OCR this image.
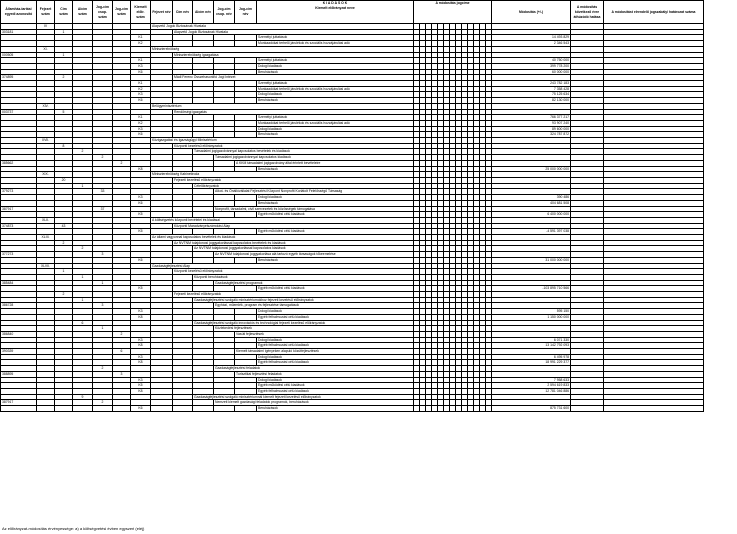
Államház-tartási egyedi azonosító	Fejezet szám	Cím szám	Alcím szám	Jog-cím csop. szám	Jog-cím szám	Kiemelt előir. szám	Fejezet név	Cím név	Alcím név	Jog-cím csop. név	Jog-cím név	K I A D Á S O K	A módosítás jogcíme													Módosítás (+/-)	A módosítás következő évre áthúzódó hatása	A módosítást elrendelő jogszabály/ határozat száma
												Kiemelt előirányzat neve																
	IV						Alapvető Jogok Biztosának Hivatala																					
303181		1						Alapvető Jogok Biztosának Hivatala																				
						K1						Személyi juttatások														14 493 829		
						K2						Munkaadókat terhelő járulékok és szociális hozzájárulási adó														2 346 543		
	XI.						Miniszterelnökség																					
000505		1						Miniszterelnökség igazgatása																				
						K1						Személyi juttatások														40 750 000		
						K3						Dologi kiadások														399 778 200		
						K6						Beruházások														60 000 000		
374895		2						Mádl Ferenc Összehasonlító Jogi Intézet																				
						K1						Személyi juttatások														243 782 183		
						K2						Munkaadókat terhelő járulékok és szociális hozzájárulási adó														7 358 428		
						K3						Dologi kiadások														75 125 634		
						K6						Beruházások														82 130 000		
	XIV.						Belügyminisztérium																					
003737		5						Rendőrségi igazgatás																				
						K1						Személyi juttatások														766 377 217		
						K2						Munkaadókat terhelő járulékok és szociális hozzájárulási adó														93 907 240		
						K3						Dologi kiadások														89 600 000		
						K6						Beruházások														324 787 872		
	XVII.						Közigazgatási és Igazságügyi Minisztérium																					
		8						Központi kezelésű előirányzatok																				
			2						Társadalmi jogigazolvánnyal kapcsolatos bevételek és kiadások																			
				2						Társadalmi jogigazolvánnyal kapcsolatos kiadások																		
385662					2						A KKM társadalmi jogigazolvány által érintett bevételeire																	
						K8						Beruházások														25 000 000 000		
	XIX.						Miniszterelnökség Kabinetiroda																					
		20						Fejezeti kezelésű előirányzatok																				
			1						Célelőirányzatok																			
379273				33						Alkot- és Önállóvállalat Fejlesztési Központ Nonprofit Korlátolt Felelősségű Társaság																		
						K3						Dologi kiadások														390 486		
						K6						Beruházások														404 681 508		
387917				37						Nonprofit, társadalmi, civil szervezetek és közösségek támogatása																		
						K5						Egyéb működési célú kiadások														6 400 000 000		
	XLII.						A költségvetés központi bevételei és kiadásai																					
374873		43						Központi Maradványelszámolási Alap																				
						K5						Egyéb működési célú kiadások														-4 591 397 038		
	XLIII.						Az állami vagyonnal kapcsolatos bevételek és kiadások																					
		2						Az NVTNM tulajdonosi joggyakorlással kapcsolatos bevételek és kiadások																				
			2						Az NVTNM tulajdonosi joggyakorlással kapcsolatos kiadások																			
377273				3						Az NVTNM tulajdonosi joggyakorlása alá tartozó egyéb társaságok tőkeemelése																		
						K6						Beruházások														31 000 000 000		
	XLVII.						Gazdaságfejlesztési Alap																					
		1						Központi kezelésű előirányzatok																				
			1						Központi beruházások																			
385484				1						Gazdaságfejlesztési programok																		
						K5						Egyéb működési célú kiadások														-103 895 710 566		
		2						Fejezeti kezelésű előirányzatok																				
			1						Gazdaságfejlesztési szolgáló minisztériumokhoz fejezeti kezelésű előirányzatok																			
386728				3						Egyházi, műemlék, program és fejlesztése támogatások																		
						K3						Dologi kiadások														595 150		
						K8						Egyéb felhalmozási célú kiadások														1 150 000 000		
			6						Gazdaságfejlesztési szolgáló innovációs és technológiai fejezeti kezelésű előirányzatok																			
				1						Közlekedési fejlesztések																		
386840					2						Vasúti fejlesztések																	
						K3						Dologi kiadások														6 071 330		
						K8						Egyéb felhalmozási célú kiadások														13 142 792 093		
390339					6						Kiemelt társadalmi igényeken alapuló közútfejlesztések																	
						K3						Dologi kiadások														6 495 978		
						K8						Egyéb felhalmozási célú kiadások														18 991 229 377		
				2						Gazdaságfejlesztési feladatok																		
388895					3						Turisztikai fejlesztési feladatok																	
						K3						Dologi kiadások														7 958 633		
						K5						Egyéb működési célú kiadások														2 594 619 833		
						K8						Egyéb felhalmozási célú kiadások														12 781 046 886		
			9						Gazdaságfejlesztési szolgáló minisztériumnál kiemelt fejezeti kezelésű előirányzatok																			
387917				2						Nemzeti kiemelt gazdasági feladatok programok, beruházások																		
						K6						Beruházások														875 731 600		
Az előirányzat-módosítás érvényessége: a) a költségvetési évben egyszeri (eléj)
